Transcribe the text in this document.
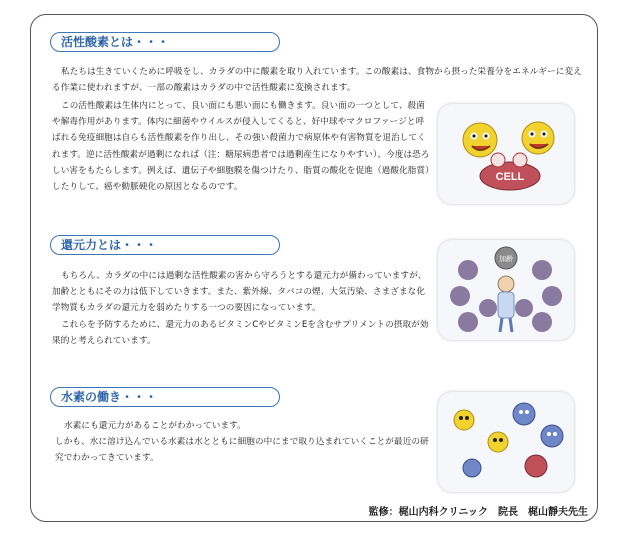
活性酸素とは・・・

私たちは生きていくために呼吸をし、カラダの中に酸素を取り入れています。この酸素は、食物から摂った栄養分をエネルギーに変える作業に使われますが、一部の酸素はカラダの中で活性酸素に変換されます。

この活性酸素は生体内にとって、良い面にも悪い面にも働きます。良い面の一つとして、殺菌や解毒作用があります。体内に細菌やウイルスが侵入してくると、好中球やマクロファージと呼ばれる免疫細胞は自らも活性酸素を作り出し、その強い殺菌力で病原体や有害物質を退治してくれます。逆に活性酸素が過剰になれば（注：糖尿病患者では過剰産生になりやすい）、今度は恐ろしい害をもたらします。例えば、遺伝子や細胞膜を傷つけたり、脂質の酸化を促進（過酸化脂質）したりして、癌や動脈硬化の原因となるのです。

CELL
還元力とは・・・

もちろん、カラダの中には過剰な活性酸素の害から守ろうとする還元力が備わっていますが、加齢とともにその力は低下していきます。また、紫外線、タバコの煙、大気汚染、さまざまな化学物質もカラダの還元力を弱めたりする一つの要因になっています。

これらを予防するために、還元力のあるビタミンCやビタミンEを含むサプリメントの摂取が効果的と考えられています。

加齢
水素の働き・・・

水素にも還元力があることがわかっています。

しかも、水に溶け込んでいる水素は水とともに細胞の中にまで取り込まれていくことが最近の研究でわかってきています。

監修：梶山内科クリニック　院長　梶山靜夫先生
